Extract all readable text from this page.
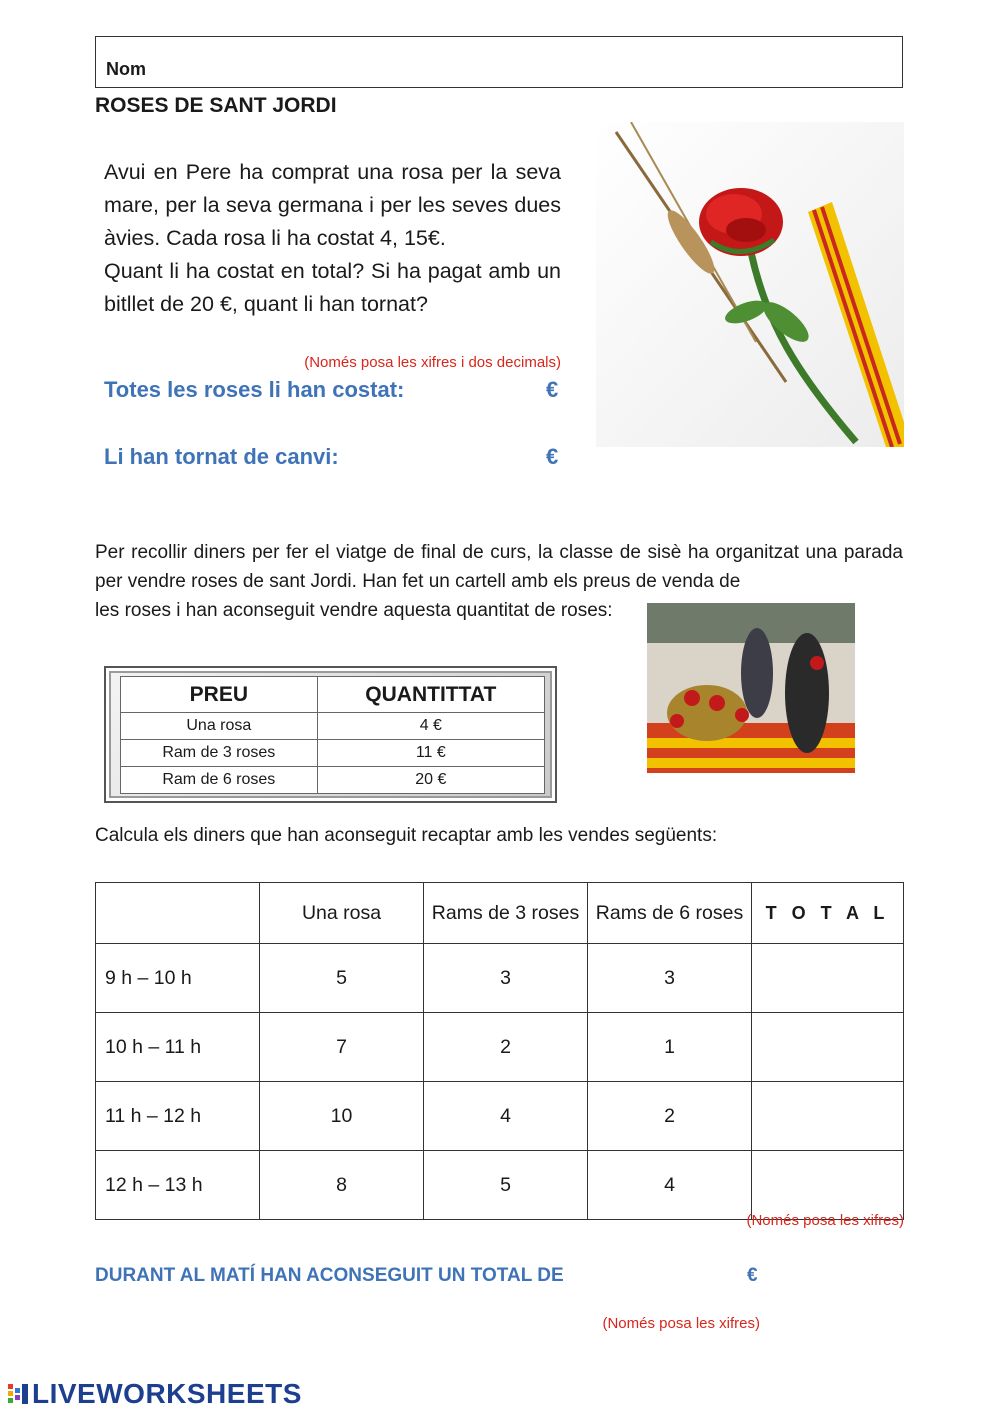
Nom
ROSES DE SANT JORDI

Avui en Pere ha comprat una rosa per la seva mare, per la seva germana i per les seves dues àvies. Cada rosa li ha costat 4, 15€.

Quant li ha costat en total? Si ha pagat amb un bitllet de 20 €, quant li han tornat?

(Només posa les xifres i dos decimals)
Totes les roses li han costat:	€
Li han tornat de canvi:	€
Per recollir diners per fer el viatge de final de curs, la classe de sisè ha organitzat una parada per vendre roses de sant Jordi. Han fet un cartell amb els preus de venda de
les roses i han aconseguit vendre aquesta quantitat de roses:
PREU	QUANTITTAT
Una rosa	4 €
Ram de 3 roses	11 €
Ram de 6 roses	20 €
Calcula els diners que han aconseguit recaptar amb les vendes següents:
	Una rosa	Rams de 3 roses	Rams de 6 roses	T O T A L
9 h – 10 h	5	3	3	
10 h – 11 h	7	2	1	
11 h – 12 h	10	4	2	
12 h – 13 h	8	5	4	
(Només posa les xifres)
DURANT AL MATÍ HAN ACONSEGUIT UN TOTAL DE	€
(Només posa les xifres)
LIVEWORKSHEETS
